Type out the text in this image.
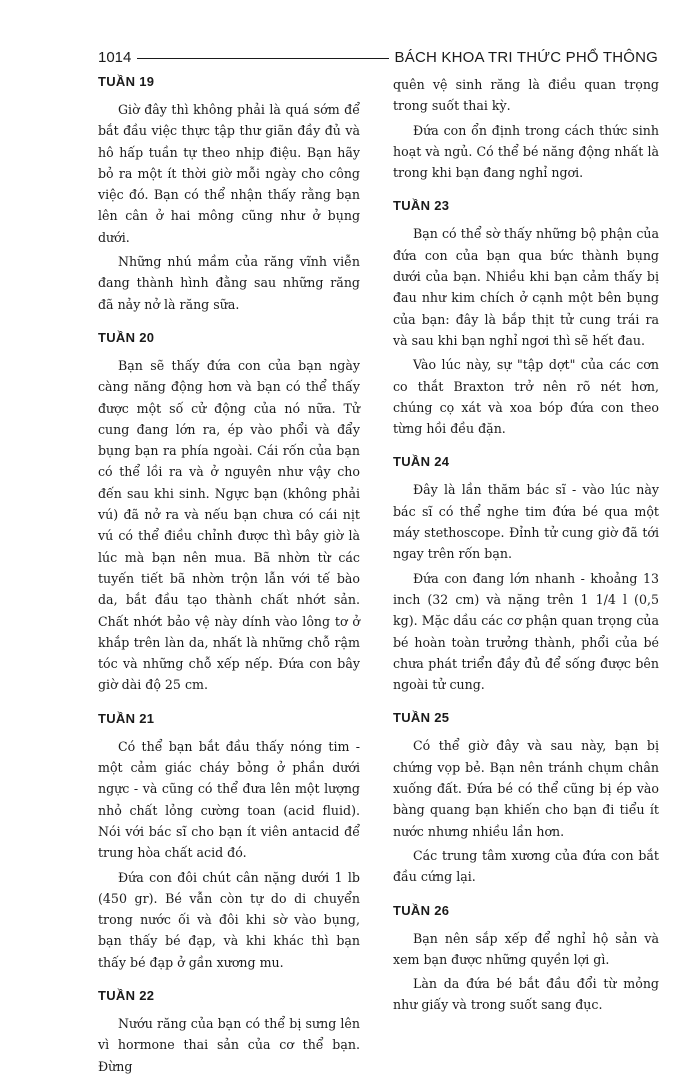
1014	BÁCH KHOA TRI THỨC PHỔ THÔNG
TUẦN 19

Giờ đây thì không phải là quá sớm để bắt đầu việc thực tập thư giãn đầy đủ và hô hấp tuần tự theo nhịp điệu. Bạn hãy bỏ ra một ít thời giờ mỗi ngày cho công việc đó. Bạn có thể nhận thấy rằng bạn lên cân ở hai mông cũng như ở bụng dưới.

Những nhú mầm của răng vĩnh viễn đang thành hình đằng sau những răng đã nảy nở là răng sữa.

TUẦN 20

Bạn sẽ thấy đứa con của bạn ngày càng năng động hơn và bạn có thể thấy được một số cử động của nó nữa. Tử cung đang lớn ra, ép vào phổi và đẩy bụng bạn ra phía ngoài. Cái rốn của bạn có thể lồi ra và ở nguyên như vậy cho đến sau khi sinh. Ngực bạn (không phải vú) đã nở ra và nếu bạn chưa có cái nịt vú có thể điều chỉnh được thì bây giờ là lúc mà bạn nên mua. Bã nhờn từ các tuyến tiết bã nhờn trộn lẫn với tế bào da, bắt đầu tạo thành chất nhớt sản. Chất nhớt bảo vệ này dính vào lông tơ ở khắp trên làn da, nhất là những chỗ rậm tóc và những chỗ xếp nếp. Đứa con bây giờ dài độ 25 cm.

TUẦN 21

Có thể bạn bắt đầu thấy nóng tim - một cảm giác cháy bỏng ở phần dưới ngực - và cũng có thể đưa lên một lượng nhỏ chất lỏng cường toan (acid fluid). Nói với bác sĩ cho bạn ít viên antacid để trung hòa chất acid đó.

Đứa con đôi chút cân nặng dưới 1 lb (450 gr). Bé vẫn còn tự do di chuyển trong nước ối và đôi khi sờ vào bụng, bạn thấy bé đạp, và khi khác thì bạn thấy bé đạp ở gần xương mu.

TUẦN 22

Nướu răng của bạn có thể bị sưng lên vì hormone thai sản của cơ thể bạn. Đừng

quên vệ sinh răng là điều quan trọng trong suốt thai kỳ.

Đứa con ổn định trong cách thức sinh hoạt và ngủ. Có thể bé năng động nhất là trong khi bạn đang nghỉ ngơi.

TUẦN 23

Bạn có thể sờ thấy những bộ phận của đứa con của bạn qua bức thành bụng dưới của bạn. Nhiều khi bạn cảm thấy bị đau như kim chích ở cạnh một bên bụng của bạn: đây là bắp thịt tử cung trái ra và sau khi bạn nghỉ ngơi thì sẽ hết đau.

Vào lúc này, sự "tập dợt" của các cơn co thắt Braxton trở nên rõ nét hơn, chúng cọ xát và xoa bóp đứa con theo từng hồi đều đặn.

TUẦN 24

Đây là lần thăm bác sĩ - vào lúc này bác sĩ có thể nghe tim đứa bé qua một máy stethoscope. Đỉnh tử cung giờ đã tới ngay trên rốn bạn.

Đứa con đang lớn nhanh - khoảng 13 inch (32 cm) và nặng trên 1 1/4 l (0,5 kg). Mặc dầu các cơ phận quan trọng của bé hoàn toàn trưởng thành, phổi của bé chưa phát triển đầy đủ để sống được bên ngoài tử cung.

TUẦN 25

Có thể giờ đây và sau này, bạn bị chứng vọp bẻ. Bạn nên tránh chụm chân xuống đất. Đứa bé có thể cũng bị ép vào bàng quang bạn khiến cho bạn đi tiểu ít nước nhưng nhiều lần hơn.

Các trung tâm xương của đứa con bắt đầu cứng lại.

TUẦN 26

Bạn nên sắp xếp để nghỉ hộ sản và xem bạn được những quyền lợi gì.

Làn da đứa bé bắt đầu đổi từ mỏng như giấy và trong suốt sang đục.
